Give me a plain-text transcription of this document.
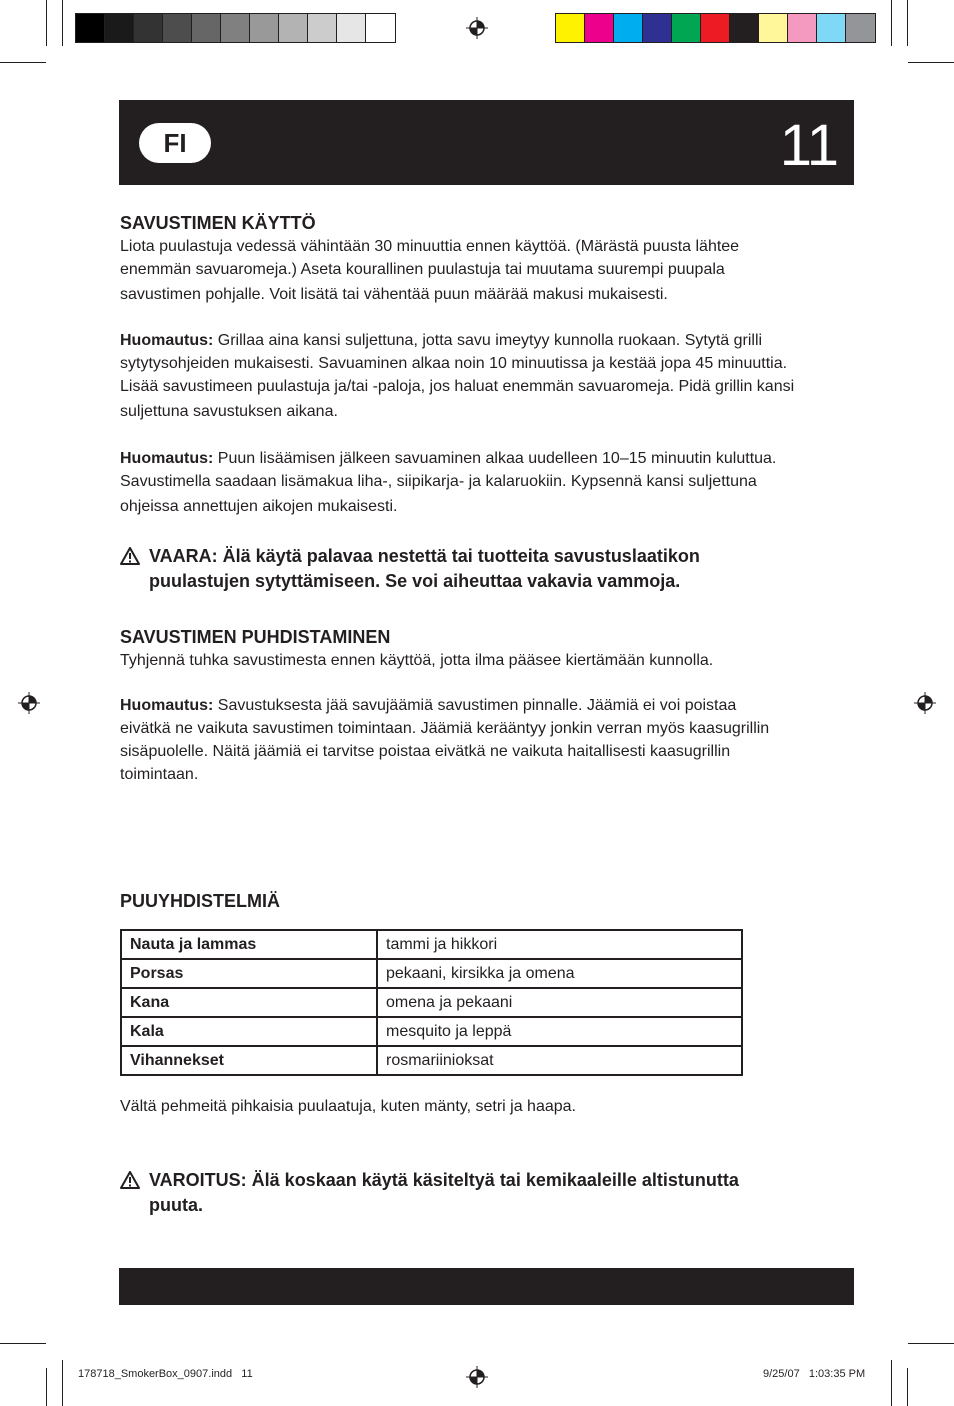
FI	11
SAVUSTIMEN KÄYTTÖ

Liota puulastuja vedessä vähintään 30 minuuttia ennen käyttöä. (Märästä puusta lähtee

enemmän savuaromeja.) Aseta kourallinen puulastuja tai muutama suurempi puupala

savustimen pohjalle. Voit lisätä tai vähentää puun määrää makusi mukaisesti.

Huomautus: Grillaa aina kansi suljettuna, jotta savu imeytyy kunnolla ruokaan. Sytytä grilli

sytytysohjeiden mukaisesti. Savuaminen alkaa noin 10 minuutissa ja kestää jopa 45 minuuttia.

Lisää savustimeen puulastuja ja/tai -paloja, jos haluat enemmän savuaromeja. Pidä grillin kansi

suljettuna savustuksen aikana.

Huomautus: Puun lisäämisen jälkeen savuaminen alkaa uudelleen 10–15 minuutin kuluttua.

Savustimella saadaan lisämakua liha-, siipikarja- ja kalaruokiin. Kypsennä kansi suljettuna

ohjeissa annettujen aikojen mukaisesti.

VAARA: Älä käytä palavaa nestettä tai tuotteita savustuslaatikon

puulastujen sytyttämiseen. Se voi aiheuttaa vakavia vammoja.

SAVUSTIMEN PUHDISTAMINEN

Tyhjennä tuhka savustimesta ennen käyttöä, jotta ilma pääsee kiertämään kunnolla.

Huomautus: Savustuksesta jää savujäämiä savustimen pinnalle. Jäämiä ei voi poistaa

eivätkä ne vaikuta savustimen toimintaan. Jäämiä kerääntyy jonkin verran myös kaasugrillin

sisäpuolelle. Näitä jäämiä ei tarvitse poistaa eivätkä ne vaikuta haitallisesti kaasugrillin

toimintaan.

PUUYHDISTELMIÄ
Nauta ja lammas	tammi ja hikkori
Porsas	pekaani, kirsikka ja omena
Kana	omena ja pekaani
Kala	mesquito ja leppä
Vihannekset	rosmariinioksat

Vältä pehmeitä pihkaisia puulaatuja, kuten mänty, setri ja haapa.

VAROITUS: Älä koskaan käytä käsiteltyä tai kemikaaleille altistunutta

puuta.

178718_SmokerBox_0907.indd   11	9/25/07   1:03:35 PM
